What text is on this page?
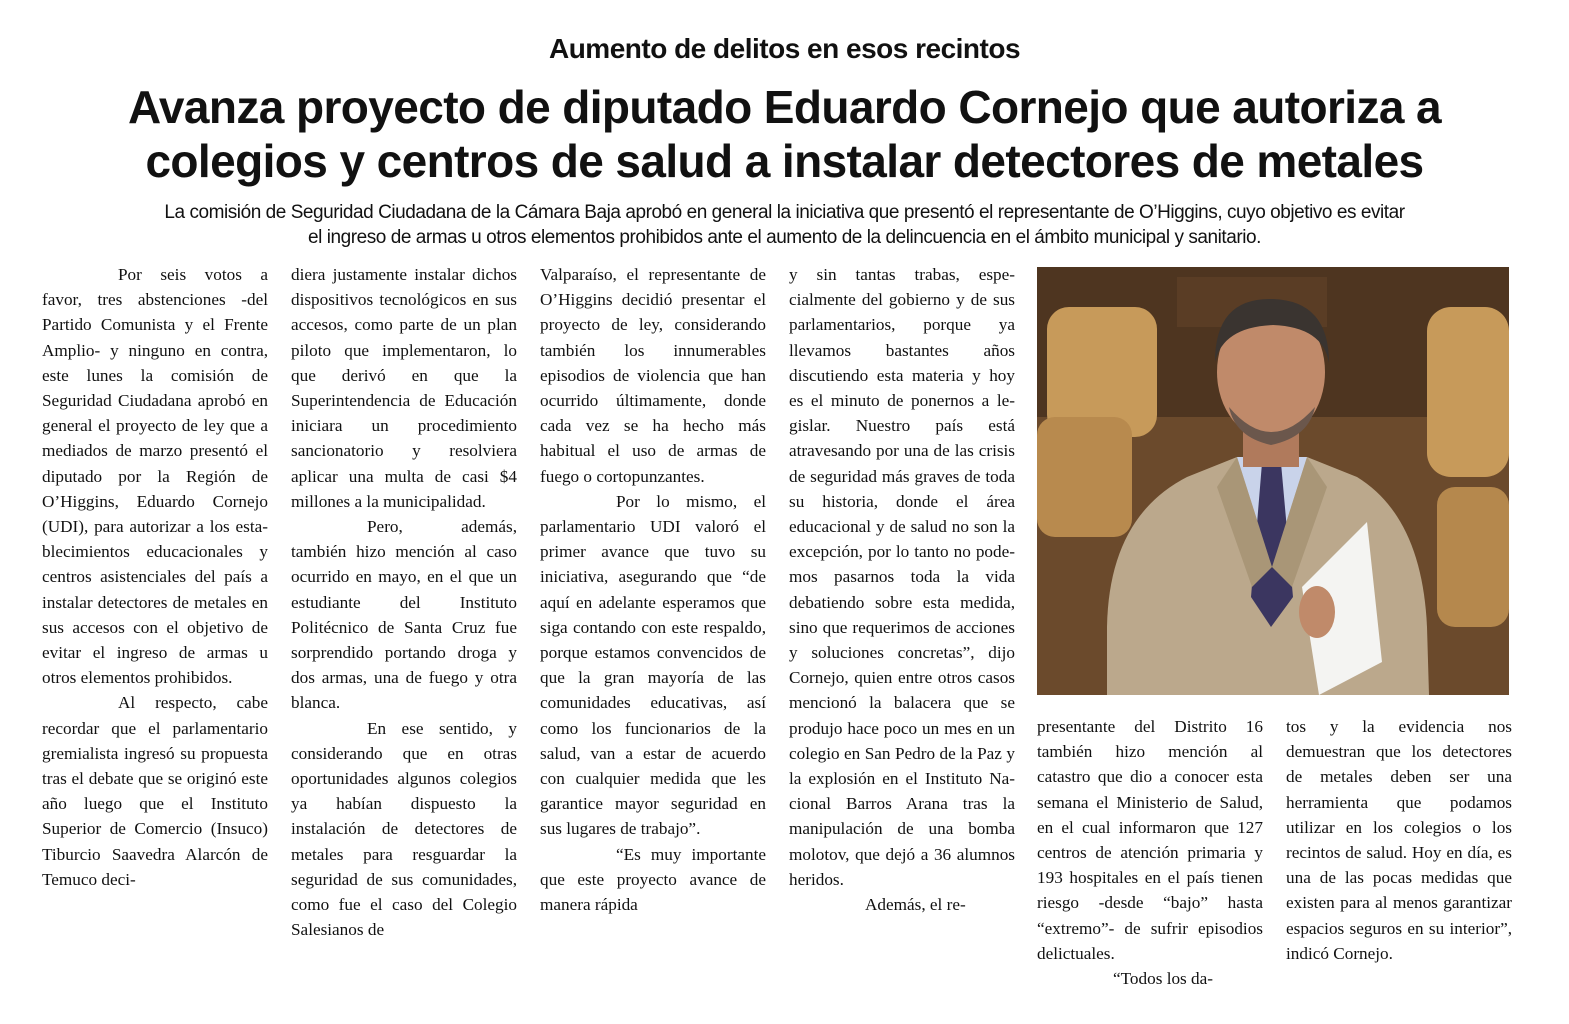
Aumento de delitos en esos recintos
Avanza proyecto de diputado Eduardo Cornejo que autoriza a
colegios y centros de salud a instalar detectores de metales

La comisión de Seguridad Ciudadana de la Cámara Baja aprobó en general la iniciativa que presentó el representante de O’Higgins, cuyo objetivo es evitar
el ingreso de armas u otros elementos prohibidos ante el aumento de la delincuencia en el ámbito municipal y sanitario.

Por seis votos a favor, tres abstenciones -del Partido Comunista y el Frente Amplio- y ninguno en contra, este lunes la comisión de Seguridad Ciudadana aprobó en general el proyecto de ley que a mediados de marzo presentó el diputado por la Región de O’Higgins, Eduardo Cornejo (UDI), para autorizar a los establecimientos educacionales y centros asistenciales del país a instalar detectores de metales en sus accesos con el objetivo de evitar el ingreso de armas u otros elementos prohibidos.

Al respecto, cabe recordar que el parlamentario gremialista ingresó su propuesta tras el debate que se originó este año luego que el Instituto Superior de Comercio (Insuco) Tiburcio Saavedra Alarcón de Temuco deci-

diera justamente instalar dichos dispositivos tecnológicos en sus accesos, como parte de un plan piloto que implementaron, lo que derivó en que la Superintendencia de Educación iniciara un procedimiento sancionatorio y resolviera aplicar una multa de casi $4 millones a la municipalidad.

Pero, además, también hizo mención al caso ocurrido en mayo, en el que un estudiante del Instituto Politécnico de Santa Cruz fue sorprendido portando droga y dos armas, una de fuego y otra blanca.

En ese sentido, y considerando que en otras oportunidades algunos colegios ya habían dispuesto la instalación de detectores de metales para resguardar la seguridad de sus comunidades, como fue el caso del Colegio Salesianos de

Valparaíso, el representante de O’Higgins decidió presentar el proyecto de ley, considerando también los innumerables episodios de violencia que han ocurrido últimamente, donde cada vez se ha hecho más habitual el uso de armas de fuego o cortopunzantes.

Por lo mismo, el parlamentario UDI valoró el primer avance que tuvo su iniciativa, asegurando que “de aquí en adelante esperamos que siga contando con este respaldo, porque estamos convencidos de que la gran mayoría de las comunidades educativas, así como los funcionarios de la salud, van a estar de acuerdo con cualquier medida que les garantice mayor seguridad en sus lugares de trabajo”.

“Es muy importante que este proyecto avance de manera rápida

y sin tantas trabas, especialmente del gobierno y de sus parlamentarios, porque ya llevamos bastantes años discutiendo esta materia y hoy es el minuto de ponernos a legislar. Nuestro país está atravesando por una de las crisis de seguridad más graves de toda su historia, donde el área educacional y de salud no son la excepción, por lo tanto no podemos pasarnos toda la vida debatiendo sobre esta medida, sino que requerimos de acciones y soluciones concretas”, dijo Cornejo, quien entre otros casos mencionó la balacera que se produjo hace poco un mes en un colegio en San Pedro de la Paz y la explosión en el Instituto Nacional Barros Arana tras la manipulación de una bomba molotov, que dejó a 36 alumnos heridos.

Además, el re-

presentante del Distrito 16 también hizo mención al catastro que dio a conocer esta semana el Ministerio de Salud, en el cual informaron que 127 centros de atención primaria y 193 hospitales en el país tienen riesgo -desde “bajo” hasta “extremo”- de sufrir episodios delictuales.

“Todos los da-

tos y la evidencia nos demuestran que los detectores de metales deben ser una herramienta que podamos utilizar en los colegios o los recintos de salud. Hoy en día, es una de las pocas medidas que existen para al menos garantizar espacios seguros en su interior”, indicó Cornejo.
